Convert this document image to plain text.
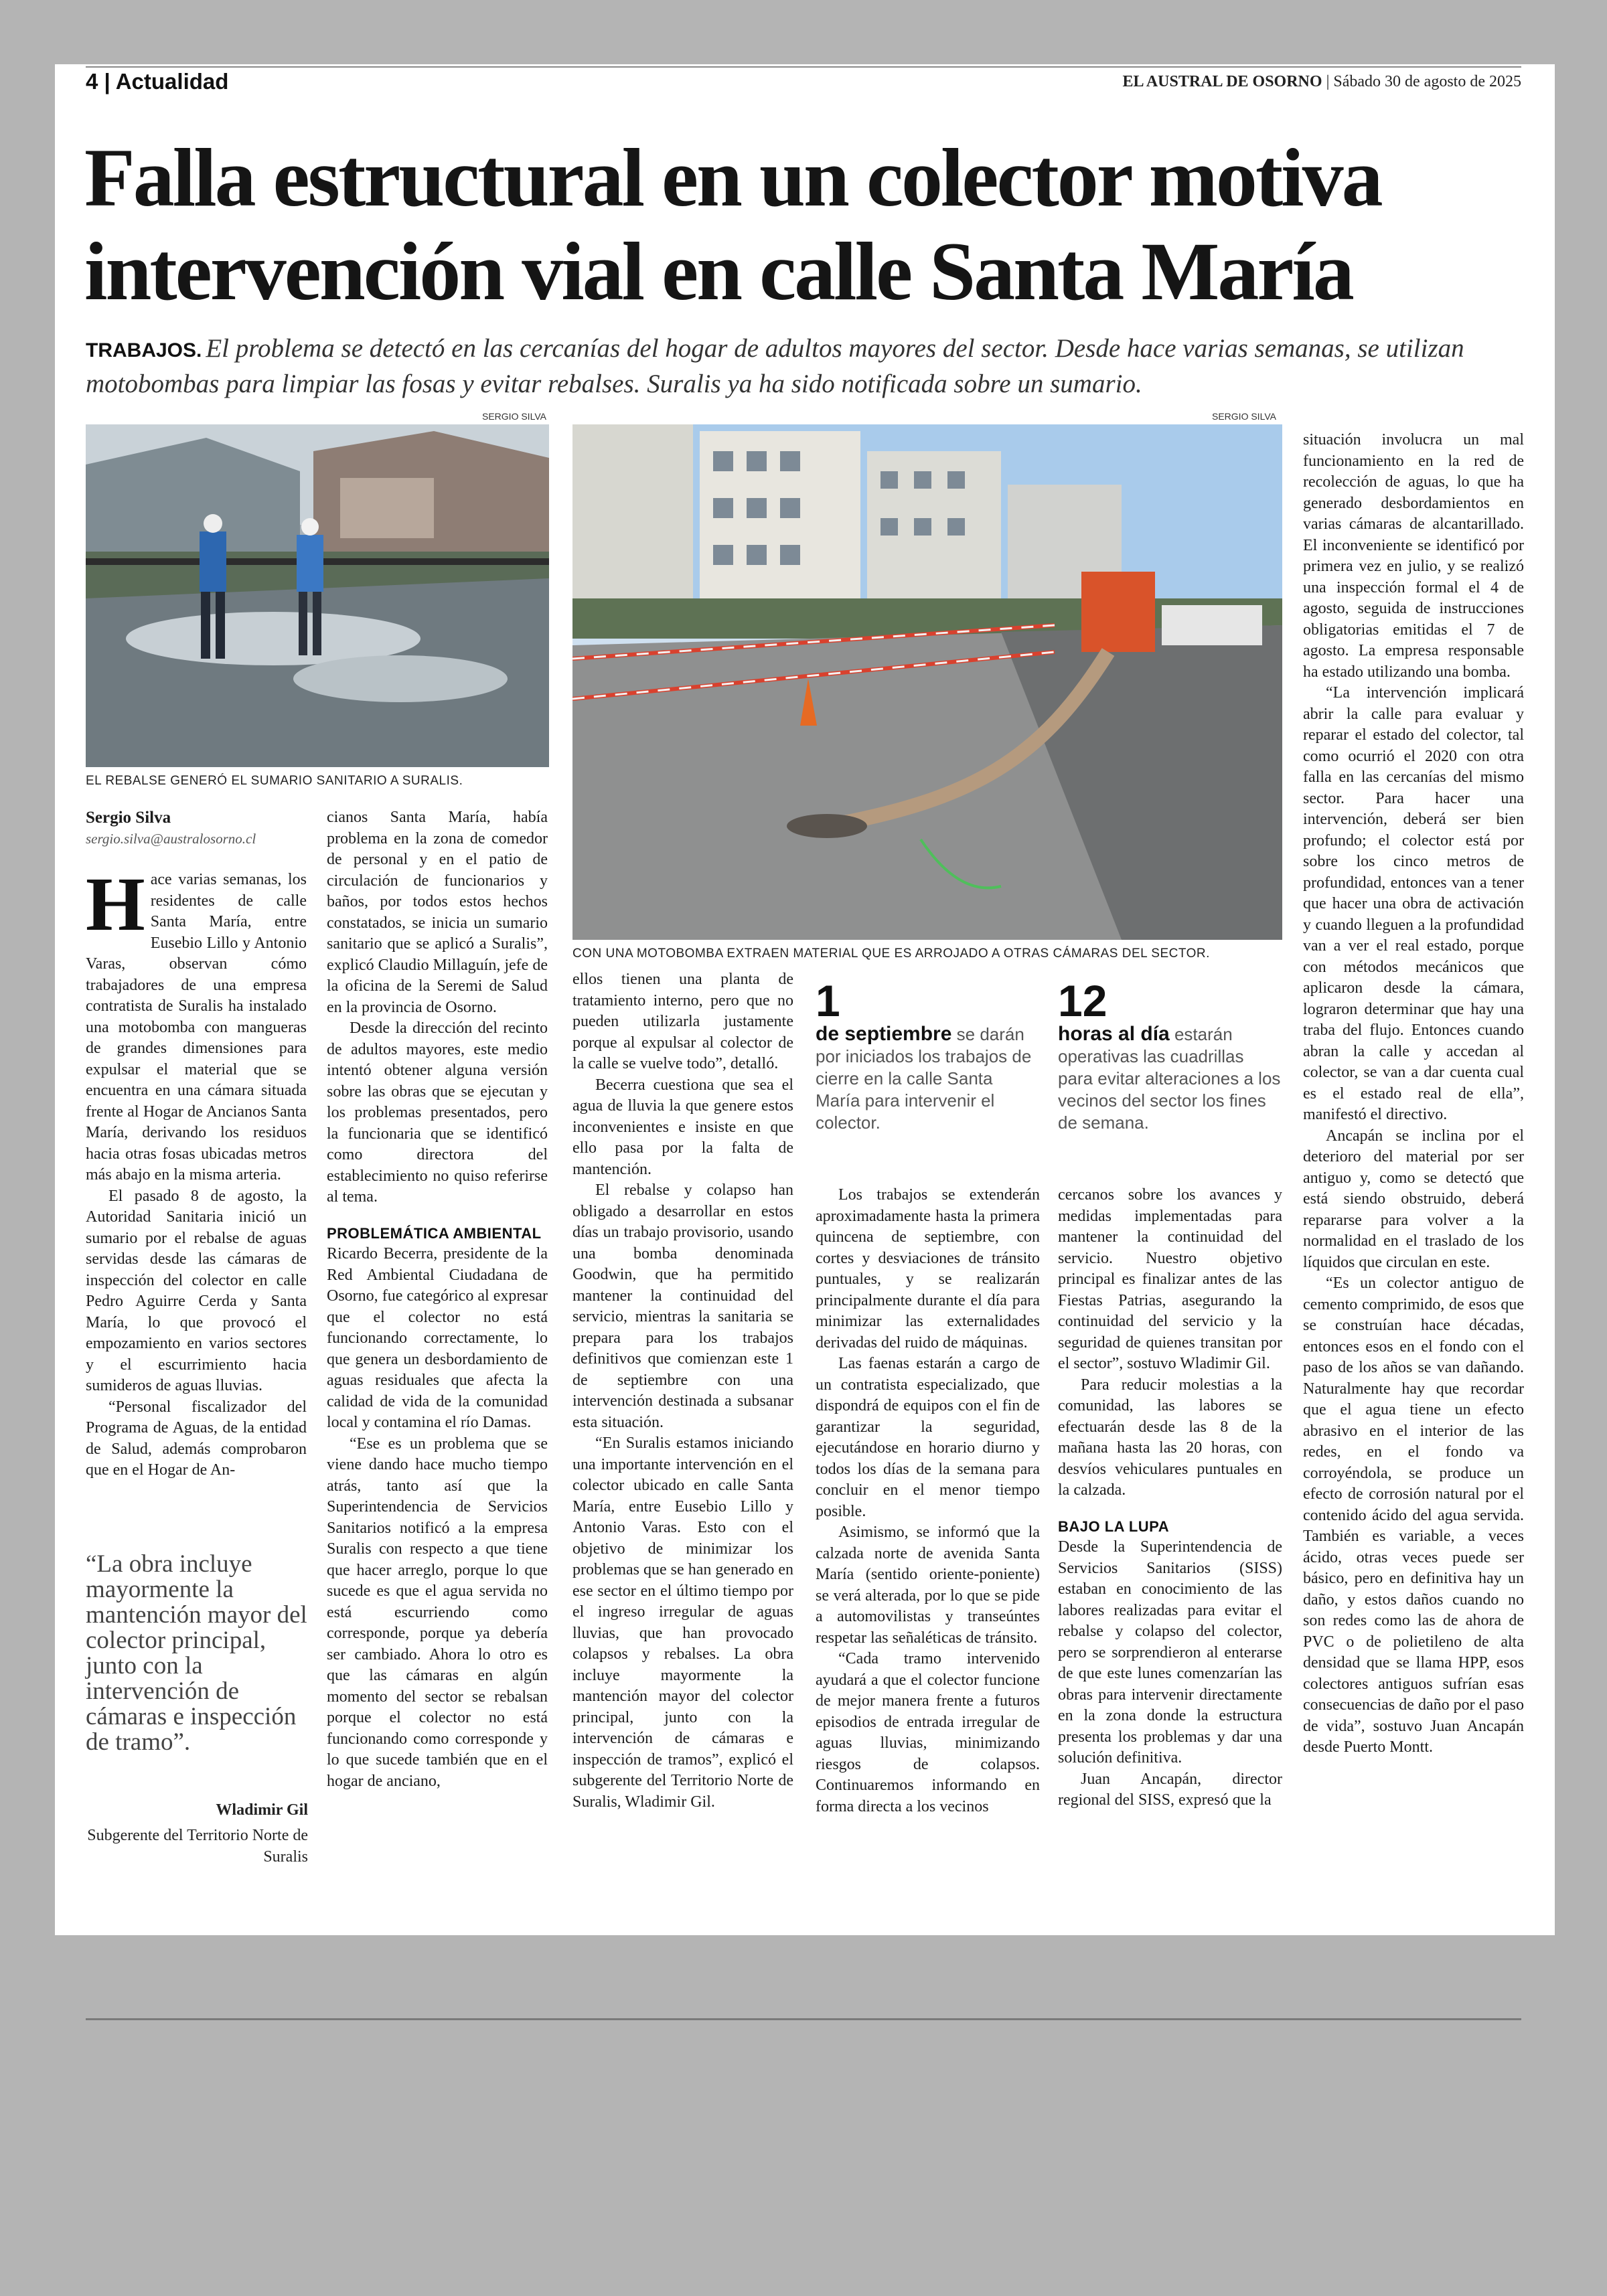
4 | Actualidad	EL AUSTRAL DE OSORNO | Sábado 30 de agosto de 2025
Falla estructural en un colector motiva intervención vial en calle Santa María
TRABAJOS. El problema se detectó en las cercanías del hogar de adultos mayores del sector. Desde hace varias semanas, se utilizan motobombas para limpiar las fosas y evitar rebalses. Suralis ya ha sido notificada sobre un sumario.
SERGIO SILVA
EL REBALSE GENERÓ EL SUMARIO SANITARIO A SURALIS.
SERGIO SILVA
CON UNA MOTOBOMBA EXTRAEN MATERIAL QUE ES ARROJADO A OTRAS CÁMARAS DEL SECTOR.
Sergio Silva
sergio.silva@australosorno.cl

Hace varias semanas, los residentes de calle Santa María, entre Eusebio Lillo y Antonio Varas, observan cómo trabajadores de una empresa contratista de Suralis ha instalado una motobomba con mangueras de grandes dimensiones para expulsar el material que se encuentra en una cámara situada frente al Hogar de Ancianos Santa María, derivando los residuos hacia otras fosas ubicadas metros más abajo en la misma arteria.

El pasado 8 de agosto, la Autoridad Sanitaria inició un sumario por el rebalse de aguas servidas desde las cámaras de inspección del colector en calle Pedro Aguirre Cerda y Santa María, lo que provocó el empozamiento en varios sectores y el escurrimiento hacia sumideros de aguas lluvias.

“Personal fiscalizador del Programa de Aguas, de la entidad de Salud, además comprobaron que en el Hogar de An-

“La obra incluye mayormente la mantención mayor del colector principal, junto con la intervención de cámaras e inspección de tramo”.
Wladimir Gil
Subgerente del Territorio Norte de Suralis

cianos Santa María, había problema en la zona de comedor de personal y en el patio de circulación de funcionarios y baños, por todos estos hechos constatados, se inicia un sumario sanitario que se aplicó a Suralis”, explicó Claudio Millaguín, jefe de la oficina de la Seremi de Salud en la provincia de Osorno.

Desde la dirección del recinto de adultos mayores, este medio intentó obtener alguna versión sobre las obras que se ejecutan y los problemas presentados, pero la funcionaria que se identificó como directora del establecimiento no quiso referirse al tema.

PROBLEMÁTICA AMBIENTAL

Ricardo Becerra, presidente de la Red Ambiental Ciudadana de Osorno, fue categórico al expresar que el colector no está funcionando correctamente, lo que genera un desbordamiento de aguas residuales que afecta la calidad de vida de la comunidad local y contamina el río Damas.

“Ese es un problema que se viene dando hace mucho tiempo atrás, tanto así que la Superintendencia de Servicios Sanitarios notificó a la empresa Suralis con respecto a que tiene que hacer arreglo, porque lo que sucede es que el agua servida no está escurriendo como corresponde, porque ya debería ser cambiado. Ahora lo otro es que las cámaras en algún momento del sector se rebalsan porque el colector no está funcionando como corresponde y lo que sucede también que en el hogar de anciano,

ellos tienen una planta de tratamiento interno, pero que no pueden utilizarla justamente porque al expulsar al colector de la calle se vuelve todo”, detalló.

Becerra cuestiona que sea el agua de lluvia la que genere estos inconvenientes e insiste en que ello pasa por la falta de mantención.

El rebalse y colapso han obligado a desarrollar en estos días un trabajo provisorio, usando una bomba denominada Goodwin, que ha permitido mantener la continuidad del servicio, mientras la sanitaria se prepara para los trabajos definitivos que comienzan este 1 de septiembre con una intervención destinada a subsanar esta situación.

“En Suralis estamos iniciando una importante intervención en el colector ubicado en calle Santa María, entre Eusebio Lillo y Antonio Varas. Esto con el objetivo de minimizar los problemas que se han generado en ese sector en el último tiempo por el ingreso irregular de aguas lluvias, que han provocado colapsos y rebalses. La obra incluye mayormente la mantención mayor del colector principal, junto con la intervención de cámaras e inspección de tramos”, explicó el subgerente del Territorio Norte de Suralis, Wladimir Gil.

1
de septiembre se darán por iniciados los trabajos de cierre en la calle Santa María para intervenir el colector.
12
horas al día estarán operativas las cuadrillas para evitar alteraciones a los vecinos del sector los fines de semana.

Los trabajos se extenderán aproximadamente hasta la primera quincena de septiembre, con cortes y desviaciones de tránsito puntuales, y se realizarán principalmente durante el día para minimizar las externalidades derivadas del ruido de máquinas.

Las faenas estarán a cargo de un contratista especializado, que dispondrá de equipos con el fin de garantizar la seguridad, ejecutándose en horario diurno y todos los días de la semana para concluir en el menor tiempo posible.

Asimismo, se informó que la calzada norte de avenida Santa María (sentido oriente-poniente) se verá alterada, por lo que se pide a automovilistas y transeúntes respetar las señaléticas de tránsito.

“Cada tramo intervenido ayudará a que el colector funcione de mejor manera frente a futuros episodios de entrada irregular de aguas lluvias, minimizando riesgos de colapsos. Continuaremos informando en forma directa a los vecinos

cercanos sobre los avances y medidas implementadas para mantener la continuidad del servicio. Nuestro objetivo principal es finalizar antes de las Fiestas Patrias, asegurando la continuidad del servicio y la seguridad de quienes transitan por el sector”, sostuvo Wladimir Gil.

Para reducir molestias a la comunidad, las labores se efectuarán desde las 8 de la mañana hasta las 20 horas, con desvíos vehiculares puntuales en la calzada.

BAJO LA LUPA

Desde la Superintendencia de Servicios Sanitarios (SISS) estaban en conocimiento de las labores realizadas para evitar el rebalse y colapso del colector, pero se sorprendieron al enterarse de que este lunes comenzarían las obras para intervenir directamente en la zona donde la estructura presenta los problemas y dar una solución definitiva.

Juan Ancapán, director regional del SISS, expresó que la

situación involucra un mal funcionamiento en la red de recolección de aguas, lo que ha generado desbordamientos en varias cámaras de alcantarillado. El inconveniente se identificó por primera vez en julio, y se realizó una inspección formal el 4 de agosto, seguida de instrucciones obligatorias emitidas el 7 de agosto. La empresa responsable ha estado utilizando una bomba.

“La intervención implicará abrir la calle para evaluar y reparar el estado del colector, tal como ocurrió el 2020 con otra falla en las cercanías del mismo sector. Para hacer una intervención, deberá ser bien profundo; el colector está por sobre los cinco metros de profundidad, entonces van a tener que hacer una obra de activación y cuando lleguen a la profundidad van a ver el real estado, porque con métodos mecánicos que aplicaron desde la cámara, lograron determinar que hay una traba del flujo. Entonces cuando abran la calle y accedan al colector, se van a dar cuenta cual es el estado real de ella”, manifestó el directivo.

Ancapán se inclina por el deterioro del material por ser antiguo y, como se detectó que está siendo obstruido, deberá repararse para volver a la normalidad en el traslado de los líquidos que circulan en este.

“Es un colector antiguo de cemento comprimido, de esos que se construían hace décadas, entonces esos en el fondo con el paso de los años se van dañando. Naturalmente hay que recordar que el agua tiene un efecto abrasivo en el interior de las redes, en el fondo va corroyéndola, se produce un efecto de corrosión natural por el contenido ácido del agua servida. También es variable, a veces ácido, otras veces puede ser básico, pero en definitiva hay un daño, y estos daños cuando no son redes como las de ahora de PVC o de polietileno de alta densidad que se llama HPP, esos colectores antiguos sufrían esas consecuencias de daño por el paso de vida”, sostuvo Juan Ancapán desde Puerto Montt.
